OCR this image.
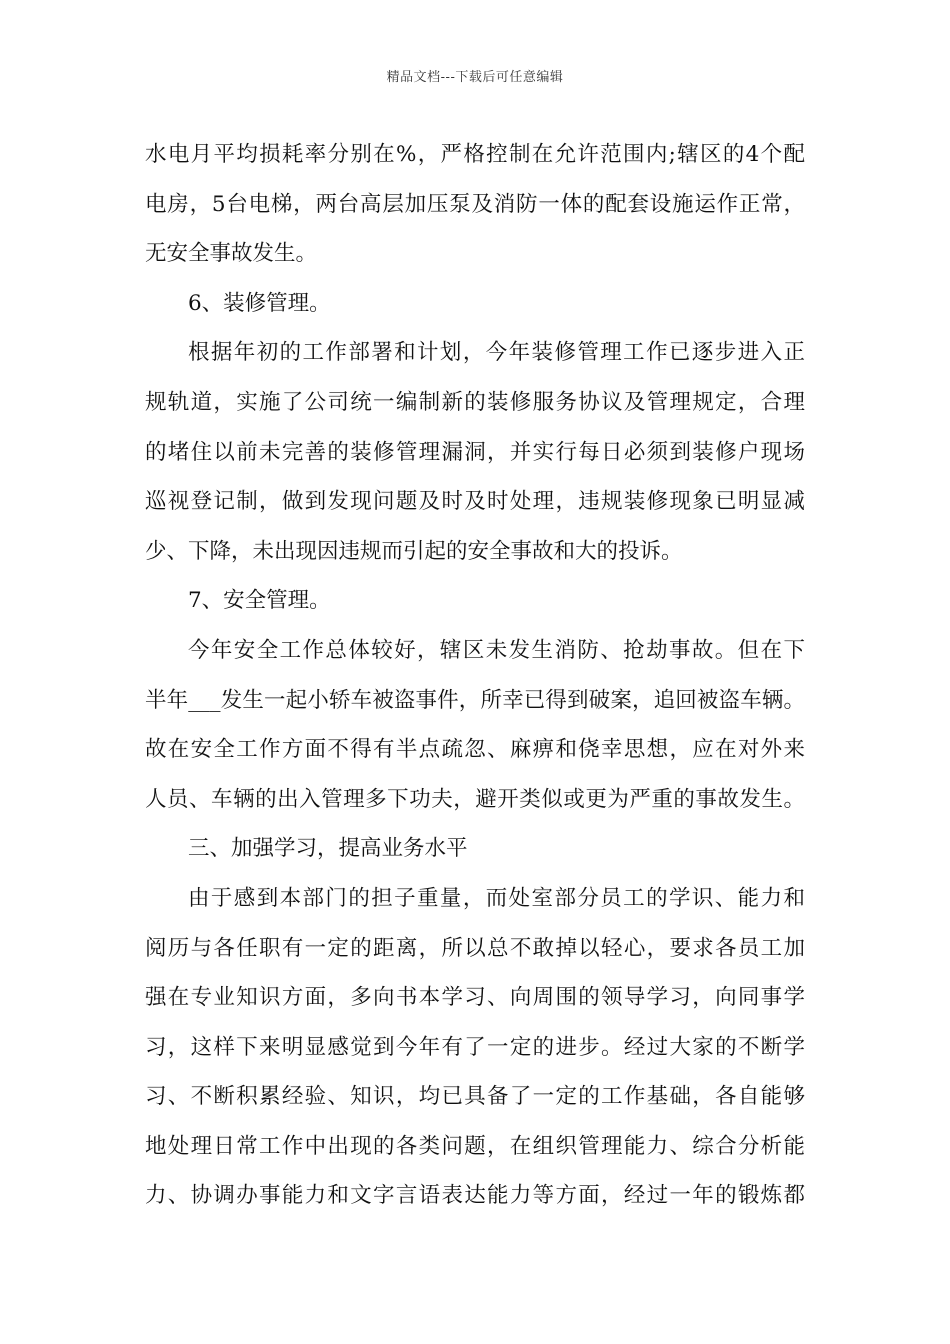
精品文档---下载后可任意编辑
水电月平均损耗率分别在%，严格控制在允许范围内;辖区的4个配
电房，5台电梯，两台高层加压泵及消防一体的配套设施运作正常，
无安全事故发生。
6、装修管理。
根据年初的工作部署和计划，今年装修管理工作已逐步进入正
规轨道，实施了公司统一编制新的装修服务协议及管理规定，合理
的堵住以前未完善的装修管理漏洞，并实行每日必须到装修户现场
巡视登记制，做到发现问题及时及时处理，违规装修现象已明显减
少、下降，未出现因违规而引起的安全事故和大的投诉。
7、安全管理。
今年安全工作总体较好，辖区未发生消防、抢劫事故。但在下
半年___发生一起小轿车被盗事件，所幸已得到破案，追回被盗车辆。
故在安全工作方面不得有半点疏忽、麻痹和侥幸思想，应在对外来
人员、车辆的出入管理多下功夫，避开类似或更为严重的事故发生。
三、加强学习，提高业务水平
由于感到本部门的担子重量，而处室部分员工的学识、能力和
阅历与各任职有一定的距离，所以总不敢掉以轻心，要求各员工加
强在专业知识方面，多向书本学习、向周围的领导学习，向同事学
习，这样下来明显感觉到今年有了一定的进步。经过大家的不断学
习、不断积累经验、知识，均已具备了一定的工作基础，各自能够
地处理日常工作中出现的各类问题，在组织管理能力、综合分析能
力、协调办事能力和文字言语表达能力等方面，经过一年的锻炼都
